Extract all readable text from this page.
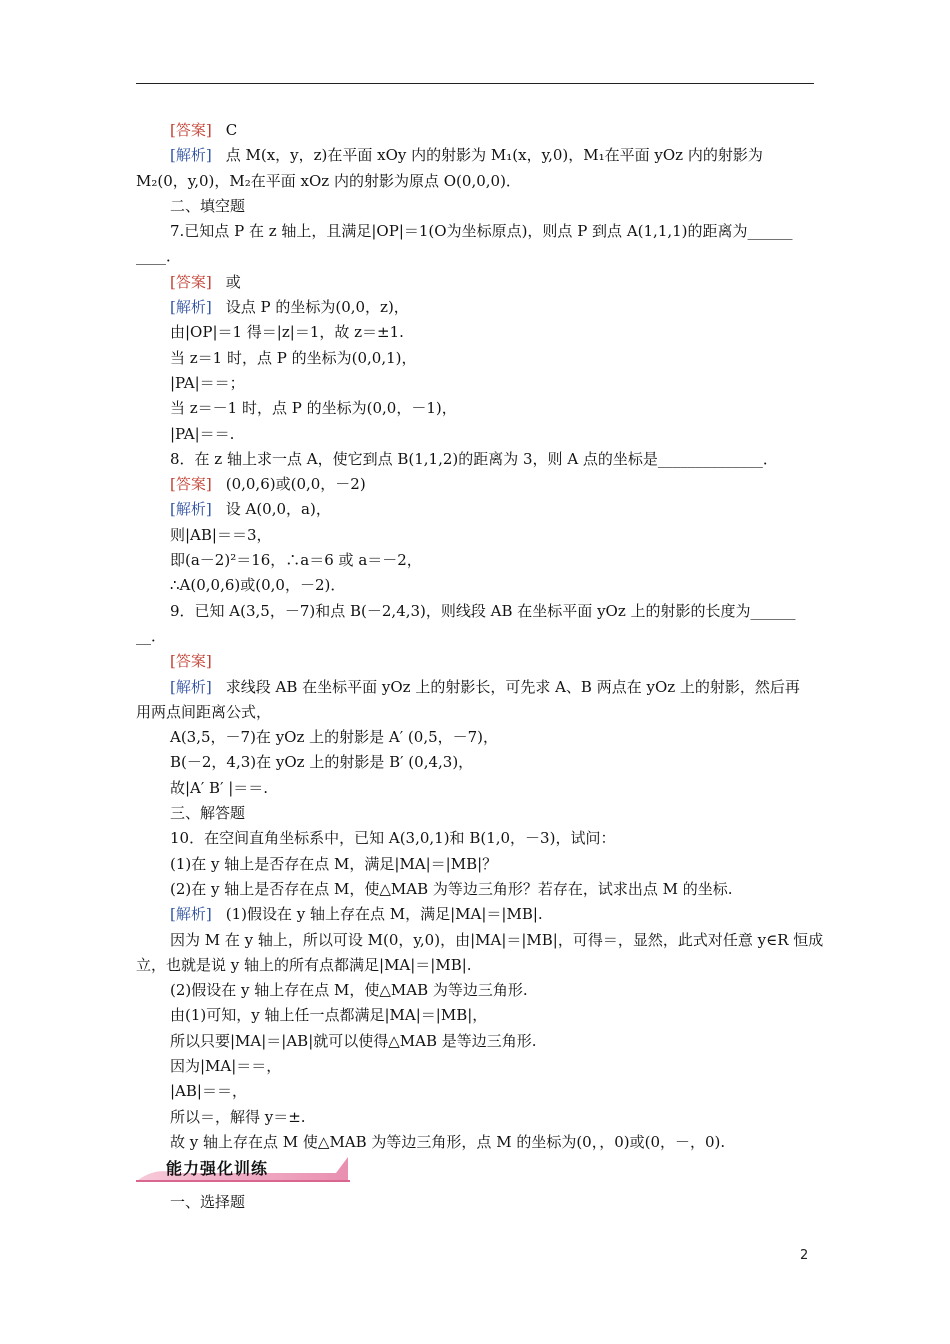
[答案] C
[解析] 点 M(x，y，z)在平面 xOy 内的射影为 M₁(x，y,0)，M₁在平面 yOz 内的射影为
M₂(0，y,0)，M₂在平面 xOz 内的射影为原点 O(0,0,0)．
二、填空题
7.已知点 P 在 z 轴上，且满足|OP|＝1(O为坐标原点)，则点 P 到点 A(1,1,1)的距离为______
____．
[答案] 或
[解析] 设点 P 的坐标为(0,0，z)，
由|OP|＝1 得＝|z|＝1，故 z＝±1.
当 z＝1 时，点 P 的坐标为(0,0,1)，
|PA|＝＝；
当 z＝－1 时，点 P 的坐标为(0,0，－1)，
|PA|＝＝.
8．在 z 轴上求一点 A，使它到点 B(1,1,2)的距离为 3，则 A 点的坐标是______________．
[答案] (0,0,6)或(0,0，－2)
[解析] 设 A(0,0，a)，
则|AB|＝＝3，
即(a－2)²＝16，∴a＝6 或 a＝－2，
∴A(0,0,6)或(0,0，－2)．
9．已知 A(3,5，－7)和点 B(－2,4,3)，则线段 AB 在坐标平面 yOz 上的射影的长度为______
__．
[答案]
[解析] 求线段 AB 在坐标平面 yOz 上的射影长，可先求 A、B 两点在 yOz 上的射影，然后再
用两点间距离公式，
A(3,5，－7)在 yOz 上的射影是 A′ (0,5，－7)，
B(－2，4,3)在 yOz 上的射影是 B′ (0,4,3)，
故|A′ B′ |＝＝.
三、解答题
10．在空间直角坐标系中，已知 A(3,0,1)和 B(1,0，－3)，试问：
(1)在 y 轴上是否存在点 M，满足|MA|＝|MB|？
(2)在 y 轴上是否存在点 M，使△MAB 为等边三角形？若存在，试求出点 M 的坐标.
[解析] (1)假设在 y 轴上存在点 M，满足|MA|＝|MB|.
因为 M 在 y 轴上，所以可设 M(0，y,0)，由|MA|＝|MB|，可得＝，显然，此式对任意 y∈R 恒成
立，也就是说 y 轴上的所有点都满足|MA|＝|MB|.
(2)假设在 y 轴上存在点 M，使△MAB 为等边三角形.
由(1)可知，y 轴上任一点都满足|MA|＝|MB|，
所以只要|MA|＝|AB|就可以使得△MAB 是等边三角形.
因为|MA|＝＝，
|AB|＝＝，
所以＝，解得 y＝±.
故 y 轴上存在点 M 使△MAB 为等边三角形，点 M 的坐标为(0，，0)或(0，－，0).
能力强化训练
一、选择题
2
